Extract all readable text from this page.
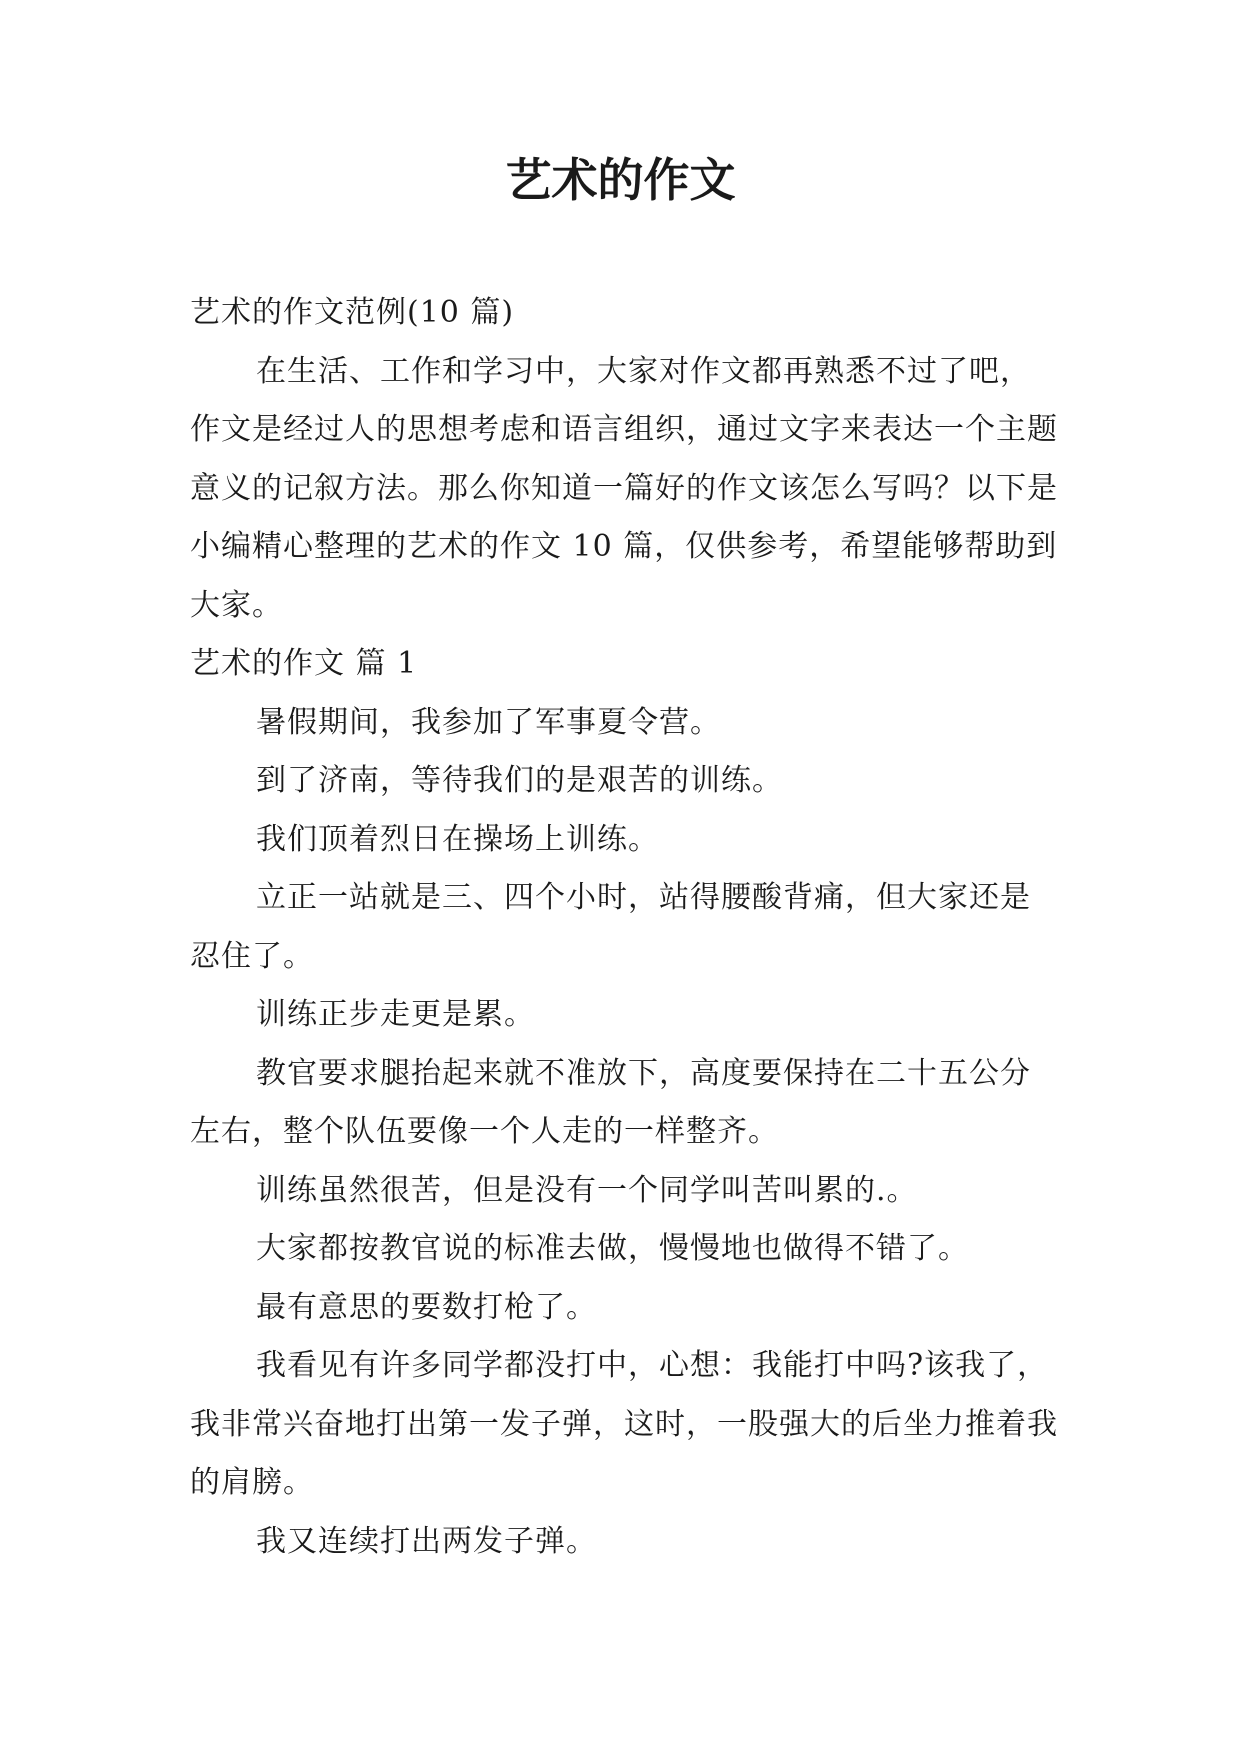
艺术的作文

艺术的作文范例(10 篇)

在生活、工作和学习中，大家对作文都再熟悉不过了吧，作文是经过人的思想考虑和语言组织，通过文字来表达一个主题意义的记叙方法。那么你知道一篇好的作文该怎么写吗？以下是小编精心整理的艺术的作文 10 篇，仅供参考，希望能够帮助到大家。

艺术的作文 篇 1

暑假期间，我参加了军事夏令营。

到了济南，等待我们的是艰苦的训练。

我们顶着烈日在操场上训练。

立正一站就是三、四个小时，站得腰酸背痛，但大家还是忍住了。

训练正步走更是累。

教官要求腿抬起来就不准放下，高度要保持在二十五公分左右，整个队伍要像一个人走的一样整齐。

训练虽然很苦，但是没有一个同学叫苦叫累的.。

大家都按教官说的标准去做，慢慢地也做得不错了。

最有意思的要数打枪了。

我看见有许多同学都没打中，心想：我能打中吗?该我了，我非常兴奋地打出第一发子弹，这时，一股强大的后坐力推着我的肩膀。

我又连续打出两发子弹。
